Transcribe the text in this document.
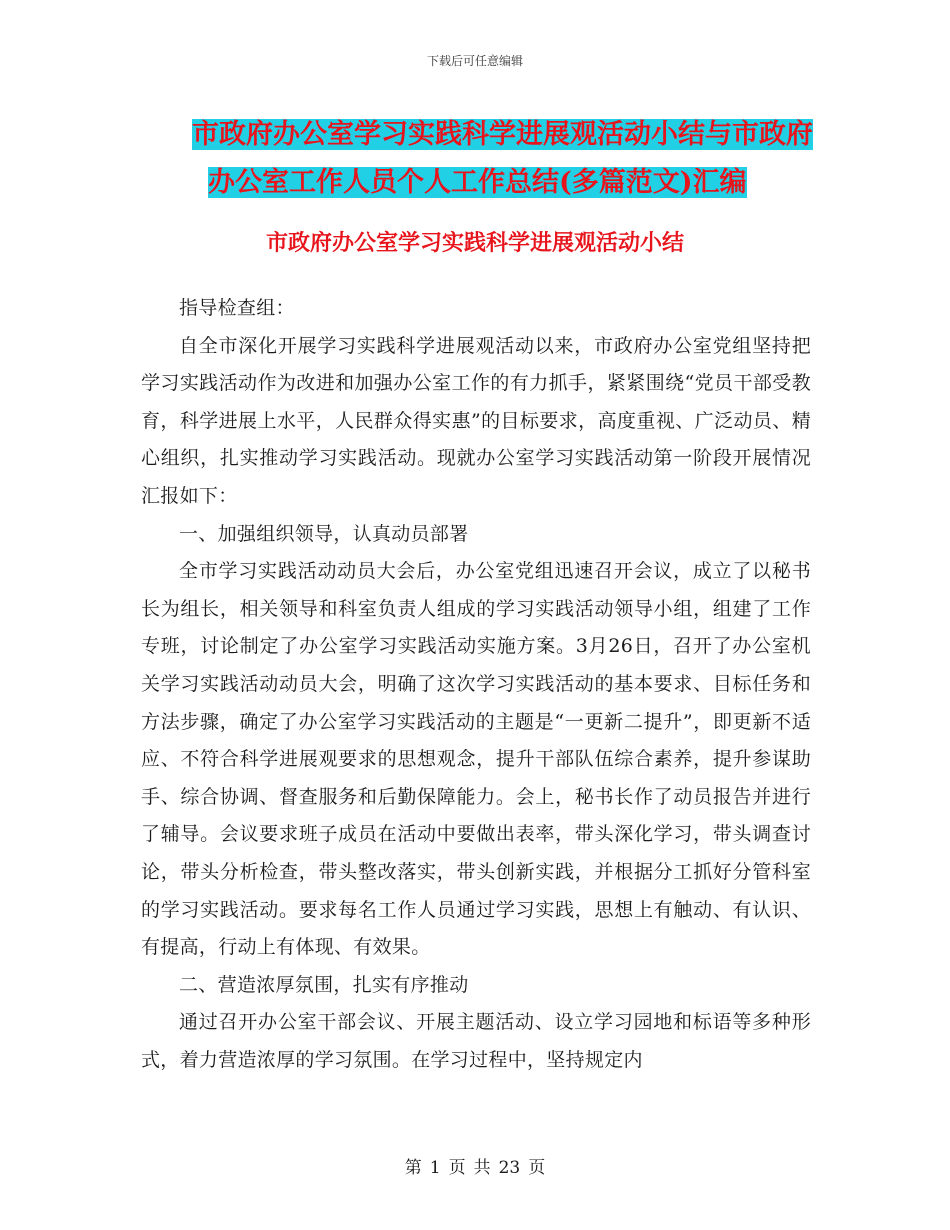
下载后可任意编辑
市政府办公室学习实践科学进展观活动小结与市政府
办公室工作人员个人工作总结(多篇范文)汇编
市政府办公室学习实践科学进展观活动小结

指导检查组：

自全市深化开展学习实践科学进展观活动以来，市政府办公室党组坚持把学习实践活动作为改进和加强办公室工作的有力抓手，紧紧围绕“党员干部受教育，科学进展上水平，人民群众得实惠”的目标要求，高度重视、广泛动员、精心组织，扎实推动学习实践活动。现就办公室学习实践活动第一阶段开展情况汇报如下：

一、加强组织领导，认真动员部署

全市学习实践活动动员大会后，办公室党组迅速召开会议，成立了以秘书长为组长，相关领导和科室负责人组成的学习实践活动领导小组，组建了工作专班，讨论制定了办公室学习实践活动实施方案。3月26日，召开了办公室机关学习实践活动动员大会，明确了这次学习实践活动的基本要求、目标任务和方法步骤，确定了办公室学习实践活动的主题是“一更新二提升”，即更新不适应、不符合科学进展观要求的思想观念，提升干部队伍综合素养，提升参谋助手、综合协调、督查服务和后勤保障能力。会上，秘书长作了动员报告并进行了辅导。会议要求班子成员在活动中要做出表率，带头深化学习，带头调查讨论，带头分析检查，带头整改落实，带头创新实践，并根据分工抓好分管科室的学习实践活动。要求每名工作人员通过学习实践，思想上有触动、有认识、有提高，行动上有体现、有效果。

二、营造浓厚氛围，扎实有序推动

通过召开办公室干部会议、开展主题活动、设立学习园地和标语等多种形式，着力营造浓厚的学习氛围。在学习过程中，坚持规定内

第 1 页 共 23 页
